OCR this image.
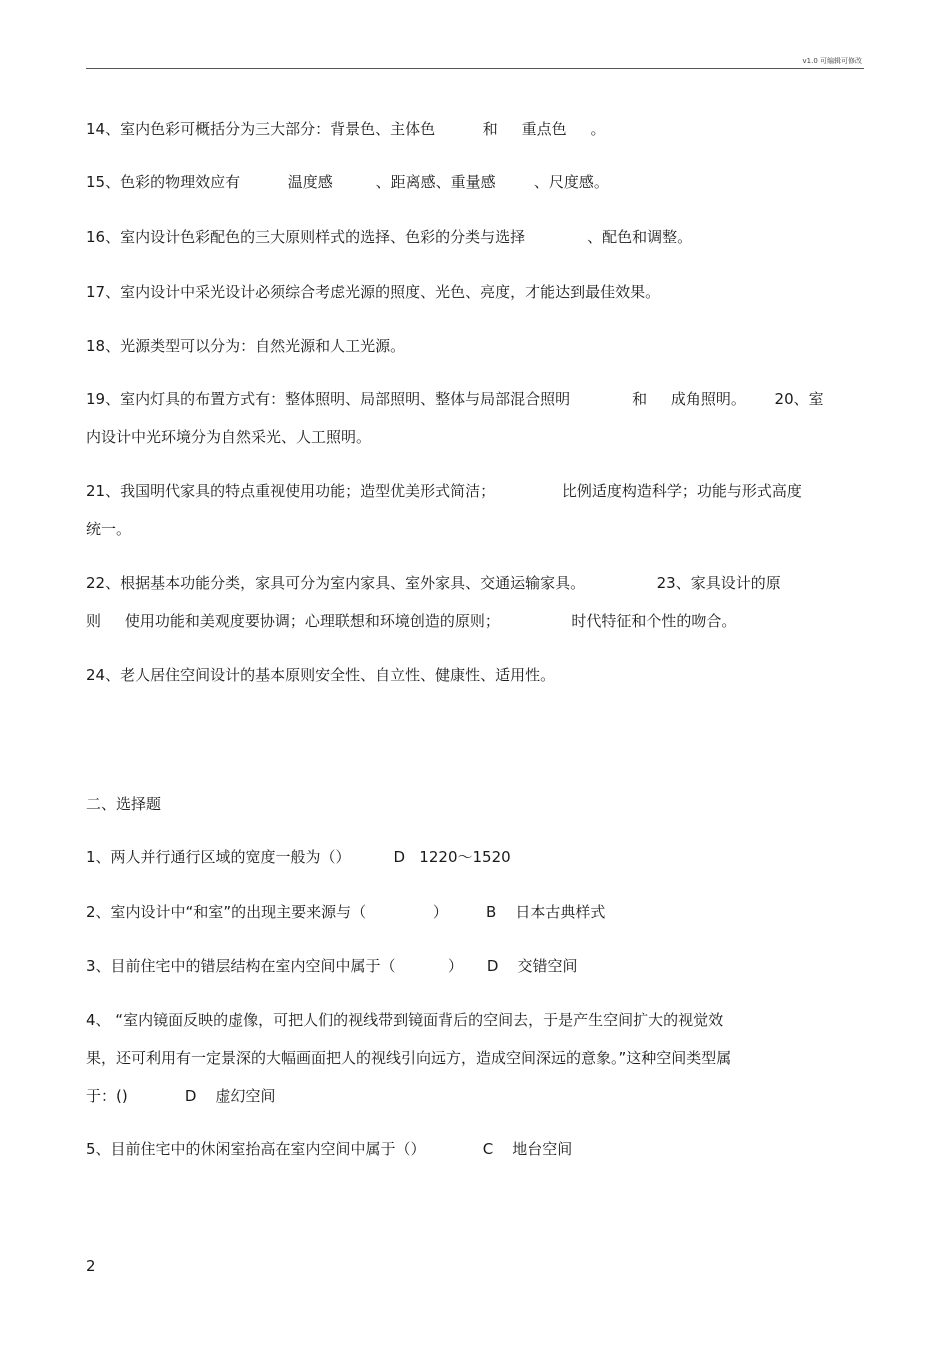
v1.0 可编辑可修改
14、室内色彩可概括分为三大部分：背景色、主体色          和     重点色     。
15、色彩的物理效应有          温度感         、距离感、重量感        、尺度感。
16、室内设计色彩配色的三大原则样式的选择、色彩的分类与选择             、配色和调整。
17、室内设计中采光设计必须综合考虑光源的照度、光色、亮度，才能达到最佳效果。
18、光源类型可以分为：自然光源和人工光源。
19、室内灯具的布置方式有：整体照明、局部照明、整体与局部混合照明             和     成角照明。      20、室
内设计中光环境分为自然采光、人工照明。
21、我国明代家具的特点重视使用功能；造型优美形式简洁；              比例适度构造科学；功能与形式高度
统一。
22、根据基本功能分类，家具可分为室内家具、室外家具、交通运输家具。               23、家具设计的原
则     使用功能和美观度要协调；心理联想和环境创造的原则；               时代特征和个性的吻合。
24、老人居住空间设计的基本原则安全性、自立性、健康性、适用性。
二、选择题
1、两人并行通行区域的宽度一般为（）         D   1220～1520
2、室内设计中“和室”的出现主要来源与（              ）        B    日本古典样式
3、目前住宅中的错层结构在室内空间中属于（           ）     D    交错空间
4、 “室内镜面反映的虚像，可把人们的视线带到镜面背后的空间去，于是产生空间扩大的视觉效
果，还可利用有一定景深的大幅画面把人的视线引向远方，造成空间深远的意象。”这种空间类型属
于：()            D    虚幻空间
5、目前住宅中的休闲室抬高在室内空间中属于（）            C    地台空间
2
